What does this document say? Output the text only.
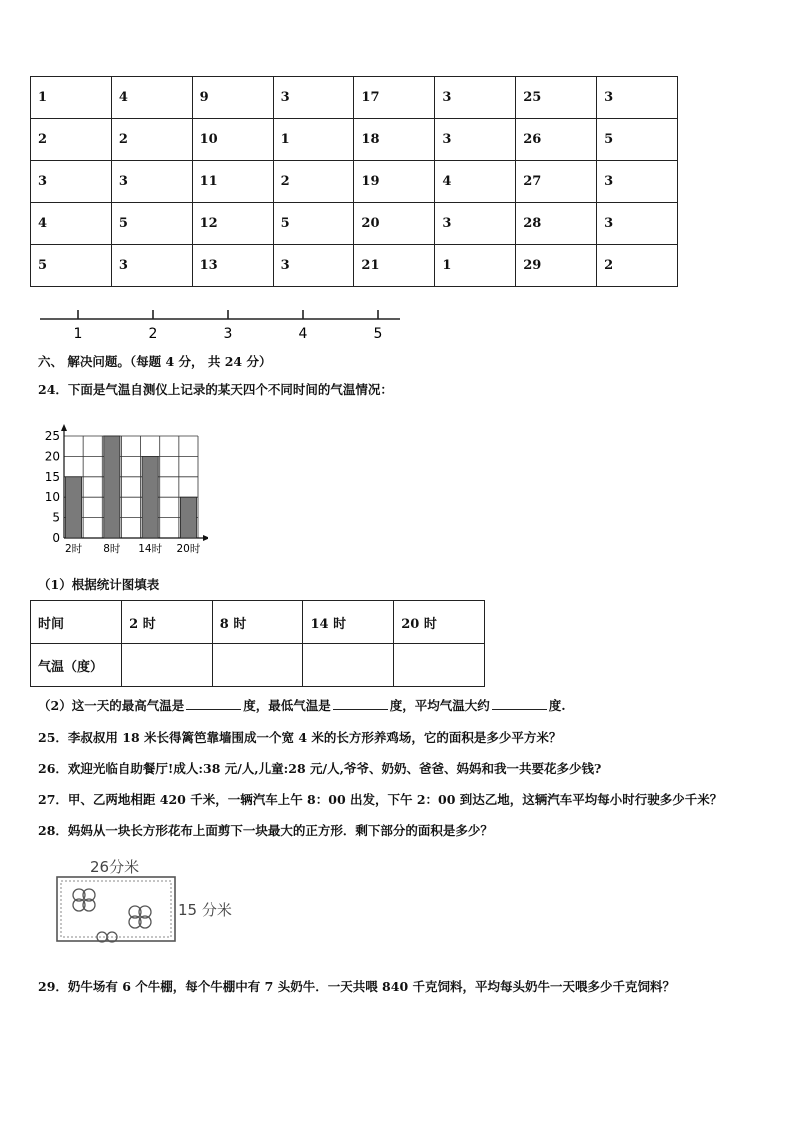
1	4	9	3	17	3	25	3
2	2	10	1	18	3	26	5
3	3	11	2	19	4	27	3
4	5	12	5	20	3	28	3
5	3	13	3	21	1	29	2
1	2	3	4	5
六、 解决问题。（每题 4 分， 共 24 分）
24．下面是气温自测仪上记录的某天四个不同时间的气温情况：
0
5
10
15
20
25
2时 8时 14时 20时
（1）根据统计图填表
时间	2 时	8 时	14 时	20 时
气温（度）				
（2）这一天的最高气温是	度，最低气温是	度，平均气温大约	度.
25．李叔叔用 18 米长得篱笆靠墙围成一个宽 4 米的长方形养鸡场，它的面积是多少平方米？
26．欢迎光临自助餐厅!成人:38 元/人,儿童:28 元/人,爷爷、奶奶、爸爸、妈妈和我一共要花多少钱?
27．甲、乙两地相距 420 千米，一辆汽车上午 8：00 出发，下午 2：00 到达乙地，这辆汽车平均每小时行驶多少千米？
28．妈妈从一块长方形花布上面剪下一块最大的正方形．剩下部分的面积是多少？
26分米
15 分米
29．奶牛场有 6 个牛棚，每个牛棚中有 7 头奶牛．一天共喂 840 千克饲料，平均每头奶牛一天喂多少千克饲料？
